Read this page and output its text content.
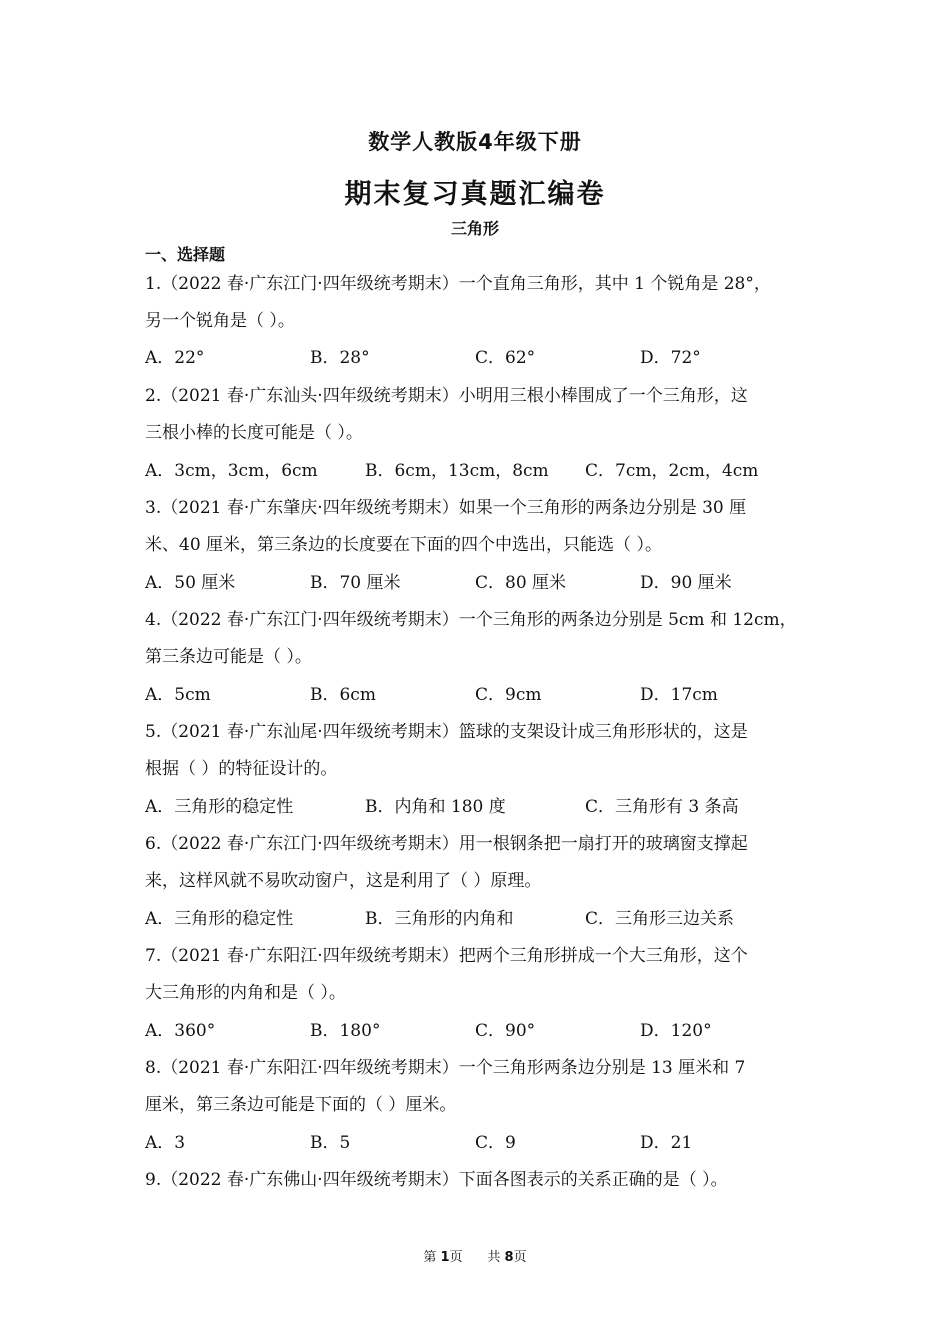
数学人教版4年级下册
期末复习真题汇编卷
三角形
一、选择题
1.（2022 春·广东江门·四年级统考期末）一个直角三角形，其中 1 个锐角是 28°，
另一个锐角是（ ）。
A．22°	B．28°	C．62°	D．72°
2.（2021 春·广东汕头·四年级统考期末）小明用三根小棒围成了一个三角形，这
三根小棒的长度可能是（ ）。
A．3cm，3cm，6cm	B．6cm，13cm，8cm C．7cm，2cm，4cm
3.（2021 春·广东肇庆·四年级统考期末）如果一个三角形的两条边分别是 30 厘
米、40 厘米，第三条边的长度要在下面的四个中选出，只能选（ ）。
A．50 厘米	B．70 厘米	C．80 厘米	D．90 厘米
4.（2022 春·广东江门·四年级统考期末）一个三角形的两条边分别是 5cm 和 12cm，
第三条边可能是（ ）。
A．5cm	B．6cm	C．9cm	D．17cm
5.（2021 春·广东汕尾·四年级统考期末）篮球的支架设计成三角形形状的，这是
根据（ ）的特征设计的。
A．三角形的稳定性	B．内角和 180 度	C．三角形有 3 条高
6.（2022 春·广东江门·四年级统考期末）用一根钢条把一扇打开的玻璃窗支撑起
来，这样风就不易吹动窗户，这是利用了（ ）原理。
A．三角形的稳定性	B．三角形的内角和	C．三角形三边关系
7.（2021 春·广东阳江·四年级统考期末）把两个三角形拼成一个大三角形，这个
大三角形的内角和是（ ）。
A．360°	B．180°	C．90°	D．120°
8.（2021 春·广东阳江·四年级统考期末）一个三角形两条边分别是 13 厘米和 7
厘米，第三条边可能是下面的（ ）厘米。
A．3	B．5	C．9	D．21
9.（2022 春·广东佛山·四年级统考期末）下面各图表示的关系正确的是（ ）。
第 1页 共 8页
